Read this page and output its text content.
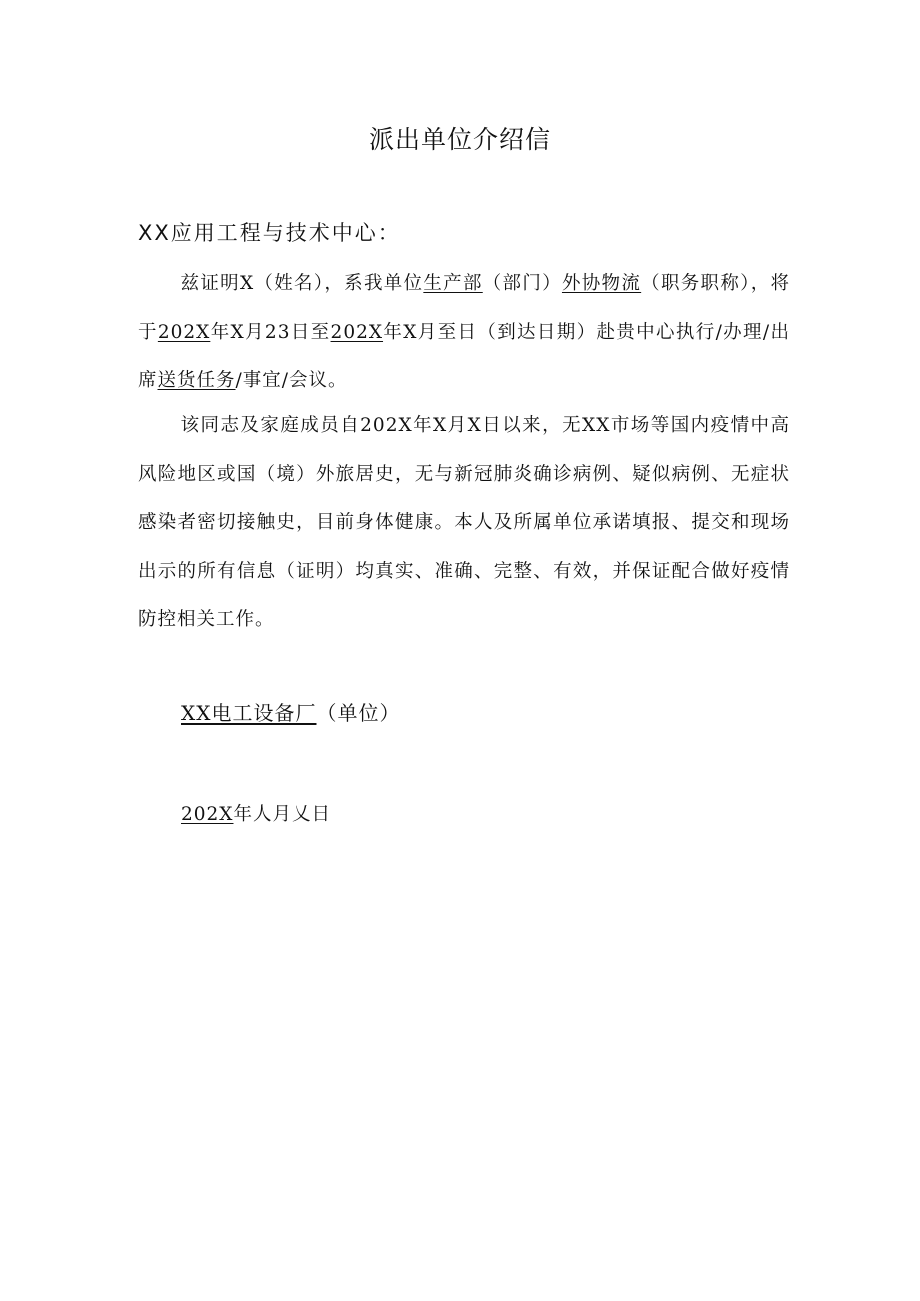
派出单位介绍信
XX应用工程与技术中心：
兹证明X（姓名），系我单位生产部（部门）外协物流（职务职称），将于202X年X月23日至202X年X月至日（到达日期）赴贵中心执行/办理/出席送货任务/事宜/会议。
该同志及家庭成员自202X年X月X日以来，无XX市场等国内疫情中高风险地区或国（境）外旅居史，无与新冠肺炎确诊病例、疑似病例、无症状感染者密切接触史，目前身体健康。本人及所属单位承诺填报、提交和现场出示的所有信息（证明）均真实、准确、完整、有效，并保证配合做好疫情防控相关工作。
XX电工设备厂（单位）
202X年人月乂日
